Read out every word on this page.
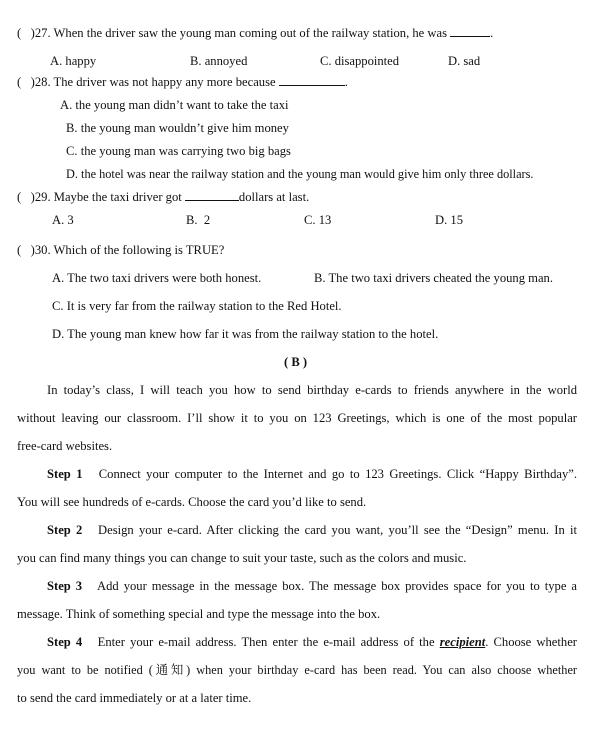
( )27. When the driver saw the young man coming out of the railway station, he was	.
A. happy	B. annoyed	C. disappointed	D. sad
( )28. The driver was not happy any more because	.
A. the young man didn’t want to take the taxi
B. the young man wouldn’t give him money
C. the young man was carrying two big bags
D. the hotel was near the railway station and the young man would give him only three dollars.
( )29. Maybe the taxi driver got	dollars at last.
A. 3	B.  2	C. 13	D. 15
( )30. Which of the following is TRUE?
A. The two taxi drivers were both honest.	B. The two taxi drivers cheated the young man.
C. It is very far from the railway station to the Red Hotel.
D. The young man knew how far it was from the railway station to the hotel.
( B )
In today’s class, I will teach you how to send birthday e-cards to friends anywhere in the world
without leaving our classroom. I’ll show it to you on 123 Greetings, which is one of the most popular
free-card websites.
Step 1 Connect your computer to the Internet and go to 123 Greetings. Click “Happy Birthday”.
You will see hundreds of e-cards. Choose the card you’d like to send.
Step 2 Design your e-card. After clicking the card you want, you’ll see the “Design” menu. In it
you can find many things you can change to suit your taste, such as the colors and music.
Step 3 Add your message in the message box. The message box provides space for you to type a
message. Think of something special and type the message into the box.
Step 4 Enter your e-mail address. Then enter the e-mail address of the recipient. Choose whether
you want to be notified (通知) when your birthday e-card has been read. You can also choose whether
to send the card immediately or at a later time.
